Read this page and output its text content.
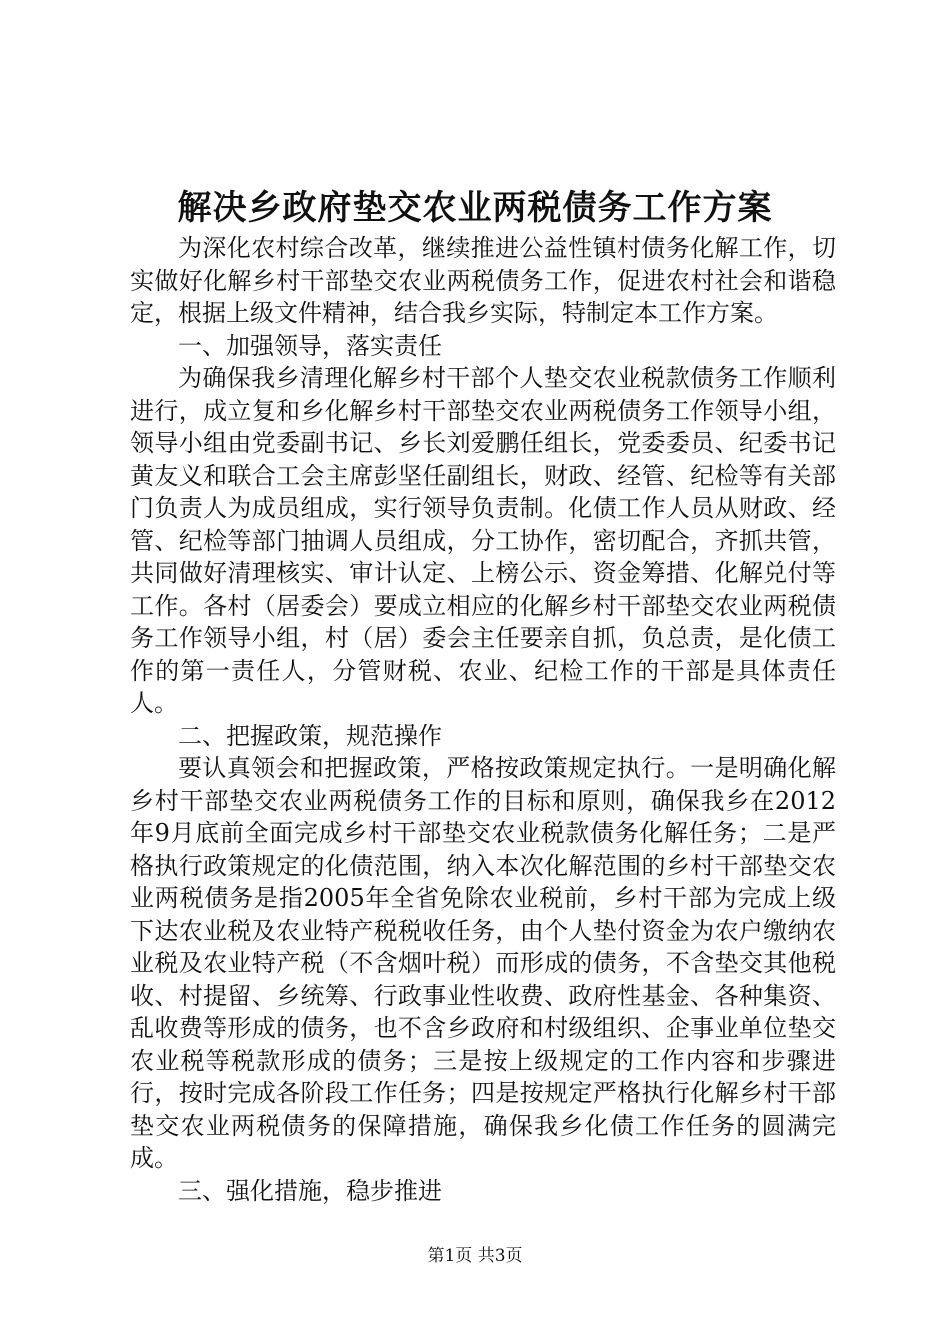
解决乡政府垫交农业两税债务工作方案

为深化农村综合改革，继续推进公益性镇村债务化解工作，切实做好化解乡村干部垫交农业两税债务工作，促进农村社会和谐稳定，根据上级文件精神，结合我乡实际，特制定本工作方案。

一、加强领导，落实责任

为确保我乡清理化解乡村干部个人垫交农业税款债务工作顺利进行，成立复和乡化解乡村干部垫交农业两税债务工作领导小组，领导小组由党委副书记、乡长刘爱鹏任组长，党委委员、纪委书记黄友义和联合工会主席彭坚任副组长，财政、经管、纪检等有关部门负责人为成员组成，实行领导负责制。化债工作人员从财政、经管、纪检等部门抽调人员组成，分工协作，密切配合，齐抓共管，共同做好清理核实、审计认定、上榜公示、资金筹措、化解兑付等工作。各村（居委会）要成立相应的化解乡村干部垫交农业两税债务工作领导小组，村（居）委会主任要亲自抓，负总责，是化债工作的第一责任人，分管财税、农业、纪检工作的干部是具体责任人。

二、把握政策，规范操作

要认真领会和把握政策，严格按政策规定执行。一是明确化解乡村干部垫交农业两税债务工作的目标和原则，确保我乡在2012年9月底前全面完成乡村干部垫交农业税款债务化解任务；二是严格执行政策规定的化债范围，纳入本次化解范围的乡村干部垫交农业两税债务是指2005年全省免除农业税前，乡村干部为完成上级下达农业税及农业特产税税收任务，由个人垫付资金为农户缴纳农业税及农业特产税（不含烟叶税）而形成的债务，不含垫交其他税收、村提留、乡统筹、行政事业性收费、政府性基金、各种集资、乱收费等形成的债务，也不含乡政府和村级组织、企事业单位垫交农业税等税款形成的债务；三是按上级规定的工作内容和步骤进行，按时完成各阶段工作任务；四是按规定严格执行化解乡村干部垫交农业两税债务的保障措施，确保我乡化债工作任务的圆满完成。

三、强化措施，稳步推进

第1页 共3页
